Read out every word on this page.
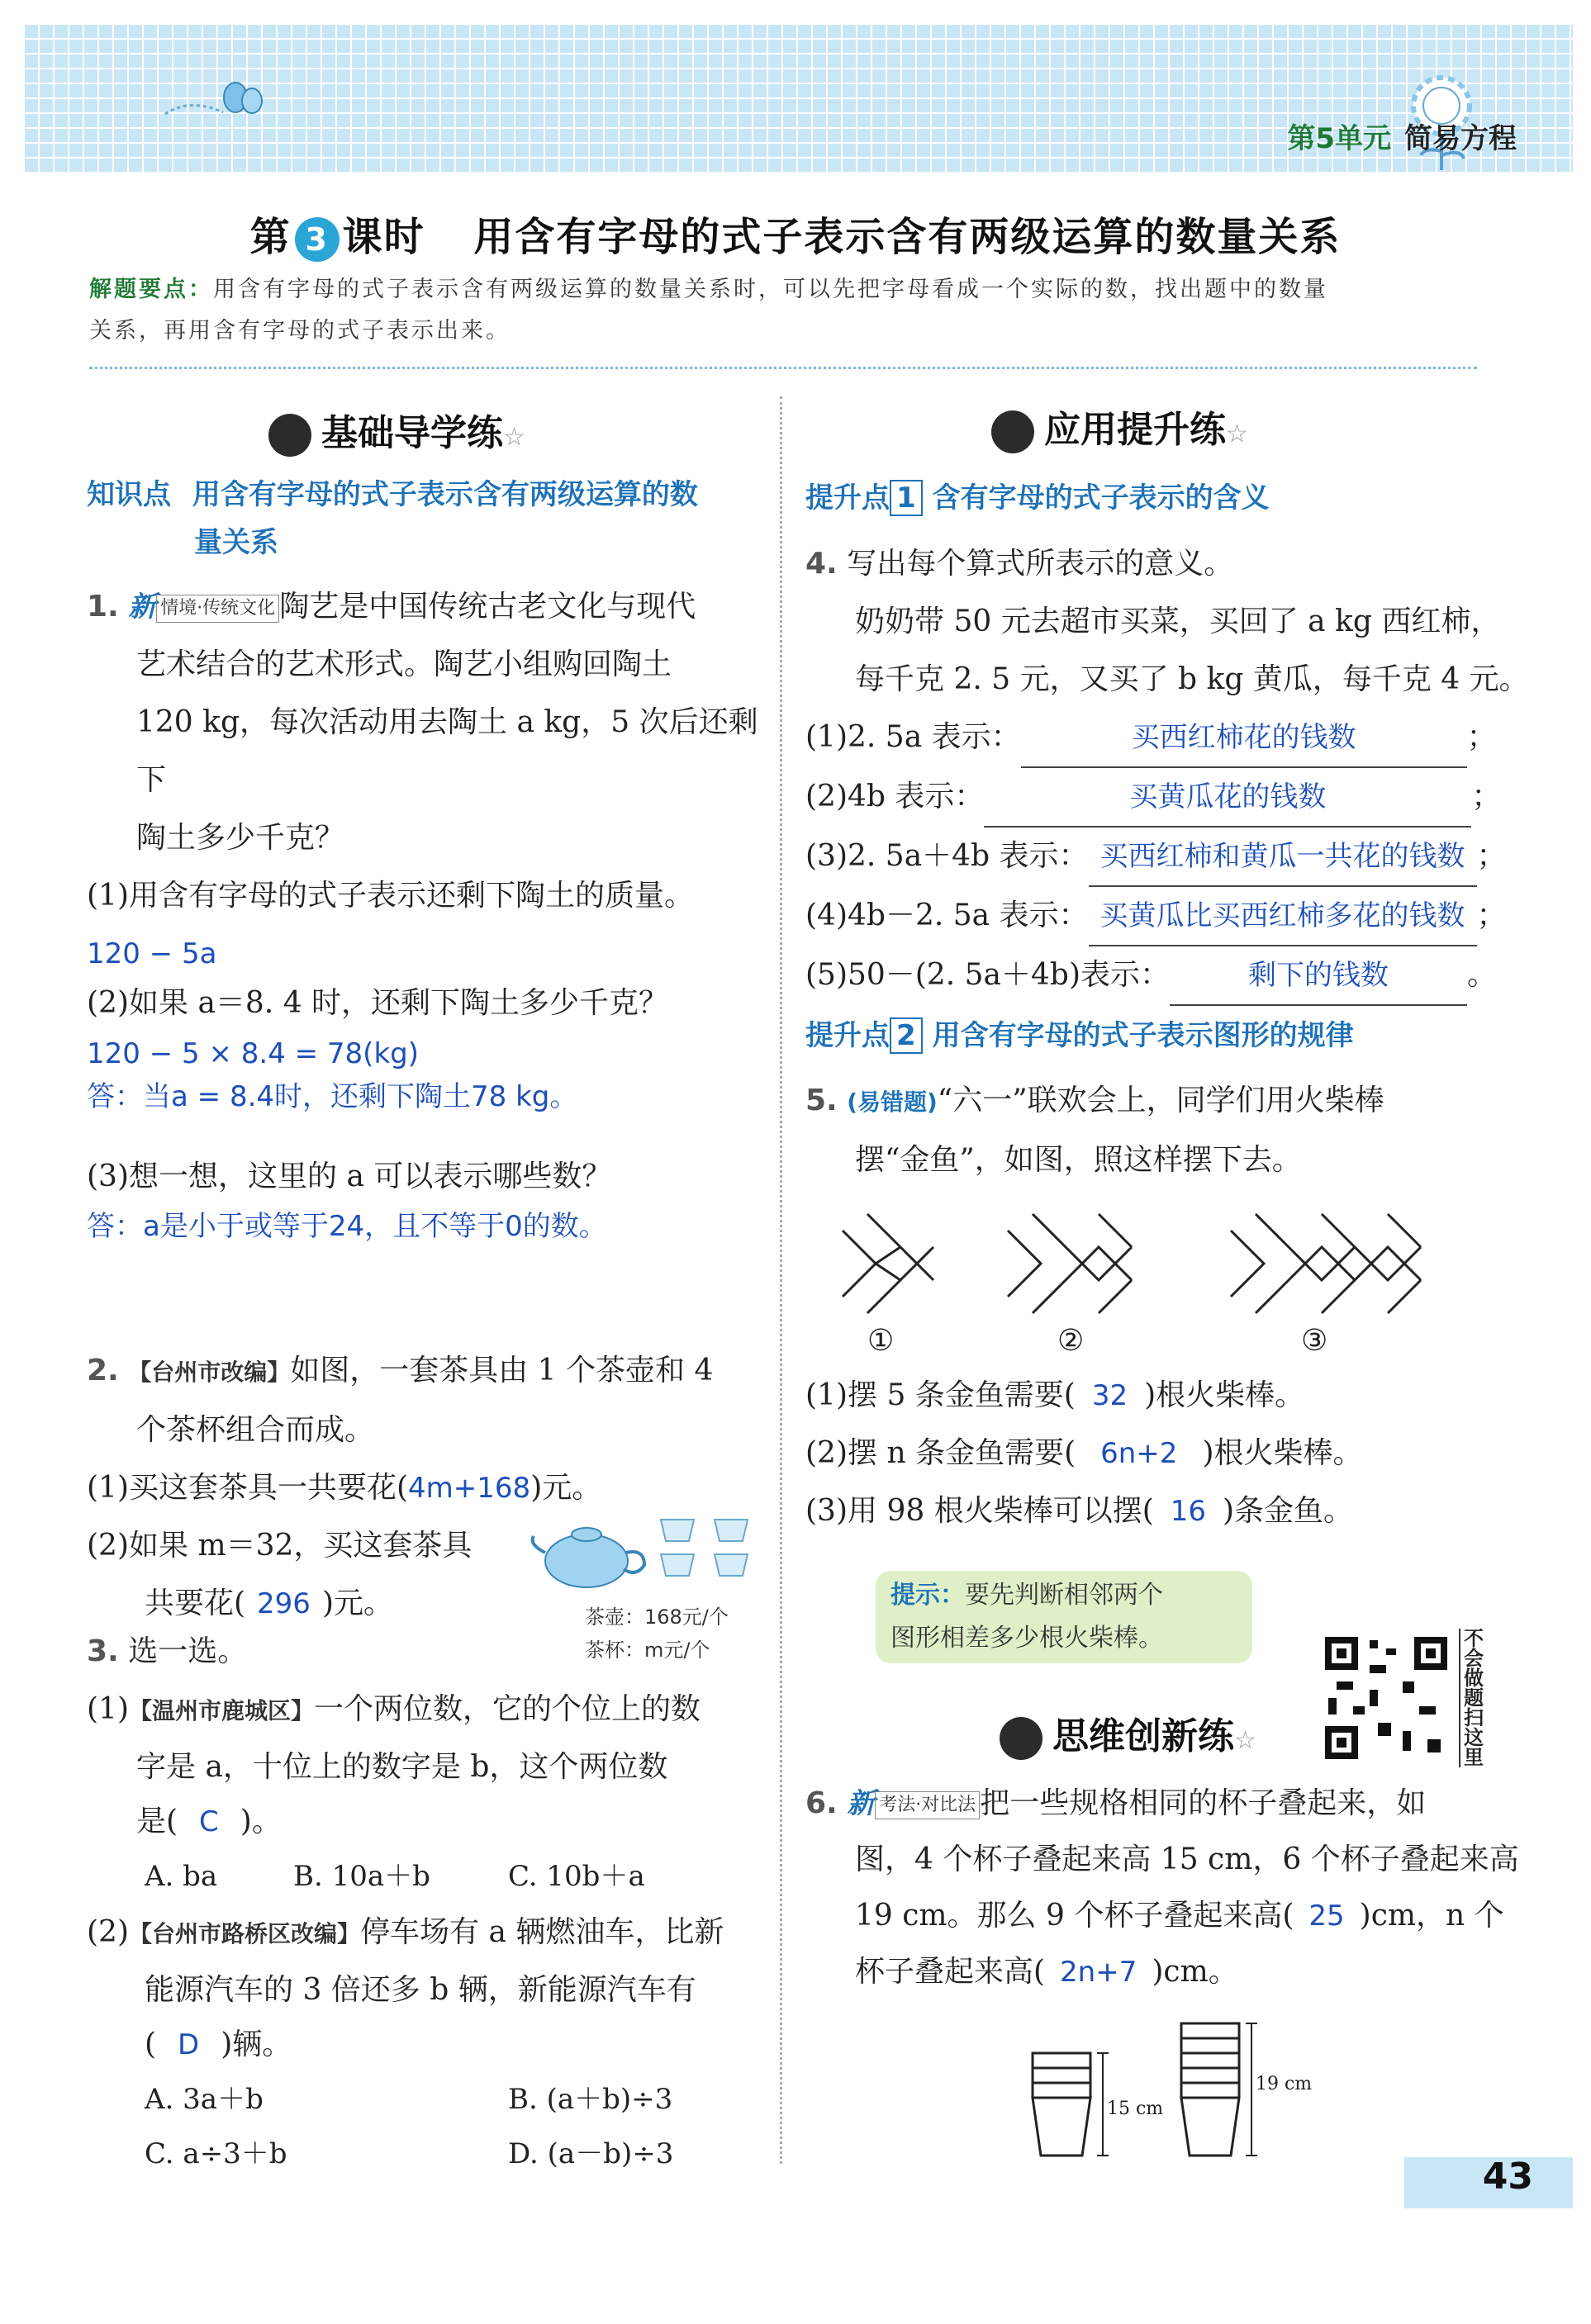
第5单元 简易方程
第 3 课时 用含有字母的式子表示含有两级运算的数量关系
解题要点：用含有字母的式子表示含有两级运算的数量关系时，可以先把字母看成一个实际的数，找出题中的数量
关系，再用含有字母的式子表示出来。
基础导学练☆
知识点 用含有字母的式子表示含有两级运算的数
量关系
1. 新 情境·传统文化 陶艺是中国传统古老文化与现代
艺术结合的艺术形式。陶艺小组购回陶土
120 kg，每次活动用去陶土 a kg，5 次后还剩下
陶土多少千克？
(1)用含有字母的式子表示还剩下陶土的质量。
120 − 5a
(2)如果 a＝8. 4 时，还剩下陶土多少千克？
120 − 5 × 8.4 = 78(kg)
答：当a = 8.4时，还剩下陶土78 kg。
(3)想一想，这里的 a 可以表示哪些数？
答：a是小于或等于24，且不等于0的数。
2. 【台州市改编】如图，一套茶具由 1 个茶壶和 4
个茶杯组合而成。
(1)买这套茶具一共要花(4m+168)元。
(2)如果 m＝32，买这套茶具
共要花( 296 )元。	茶壶：168元/个
茶杯：m元/个
3. 选一选。
(1)【温州市鹿城区】一个两位数，它的个位上的数
字是 a，十位上的数字是 b，这个两位数
是( C )。
A. ba	B. 10a＋b	C. 10b＋a
(2)【台州市路桥区改编】停车场有 a 辆燃油车，比新
能源汽车的 3 倍还多 b 辆，新能源汽车有
( D )辆。
A. 3a＋b	B. (a＋b)÷3
C. a÷3＋b	D. (a－b)÷3
应用提升练☆
提升点 1 含有字母的式子表示的含义
4. 写出每个算式所表示的意义。
奶奶带 50 元去超市买菜，买回了 a kg 西红柿，
每千克 2. 5 元，又买了 b kg 黄瓜，每千克 4 元。
(1)2. 5a 表示：	买西红柿花的钱数	；
(2)4b 表示：	买黄瓜花的钱数	；
(3)2. 5a＋4b 表示： 买西红柿和黄瓜一共花的钱数 ；
(4)4b－2. 5a 表示： 买黄瓜比买西红柿多花的钱数 ；
(5)50－(2. 5a＋4b)表示：	剩下的钱数	。
提升点 2 用含有字母的式子表示图形的规律
5. (易错题)“六一”联欢会上，同学们用火柴棒
摆“金鱼”，如图，照这样摆下去。
①	②	③
(1)摆 5 条金鱼需要( 32 )根火柴棒。
(2)摆 n 条金鱼需要( 6n+2 )根火柴棒。
(3)用 98 根火柴棒可以摆( 16 )条金鱼。
提示：要先判断相邻两个
图形相差多少根火柴棒。	不
会
做
题
扫
这
里
思维创新练☆
6. 新 考法·对比法 把一些规格相同的杯子叠起来，如
图，4 个杯子叠起来高 15 cm，6 个杯子叠起来高
19 cm。那么 9 个杯子叠起来高( 25 )cm，n 个
杯子叠起来高( 2n+7 )cm。
15 cm
19 cm
43
